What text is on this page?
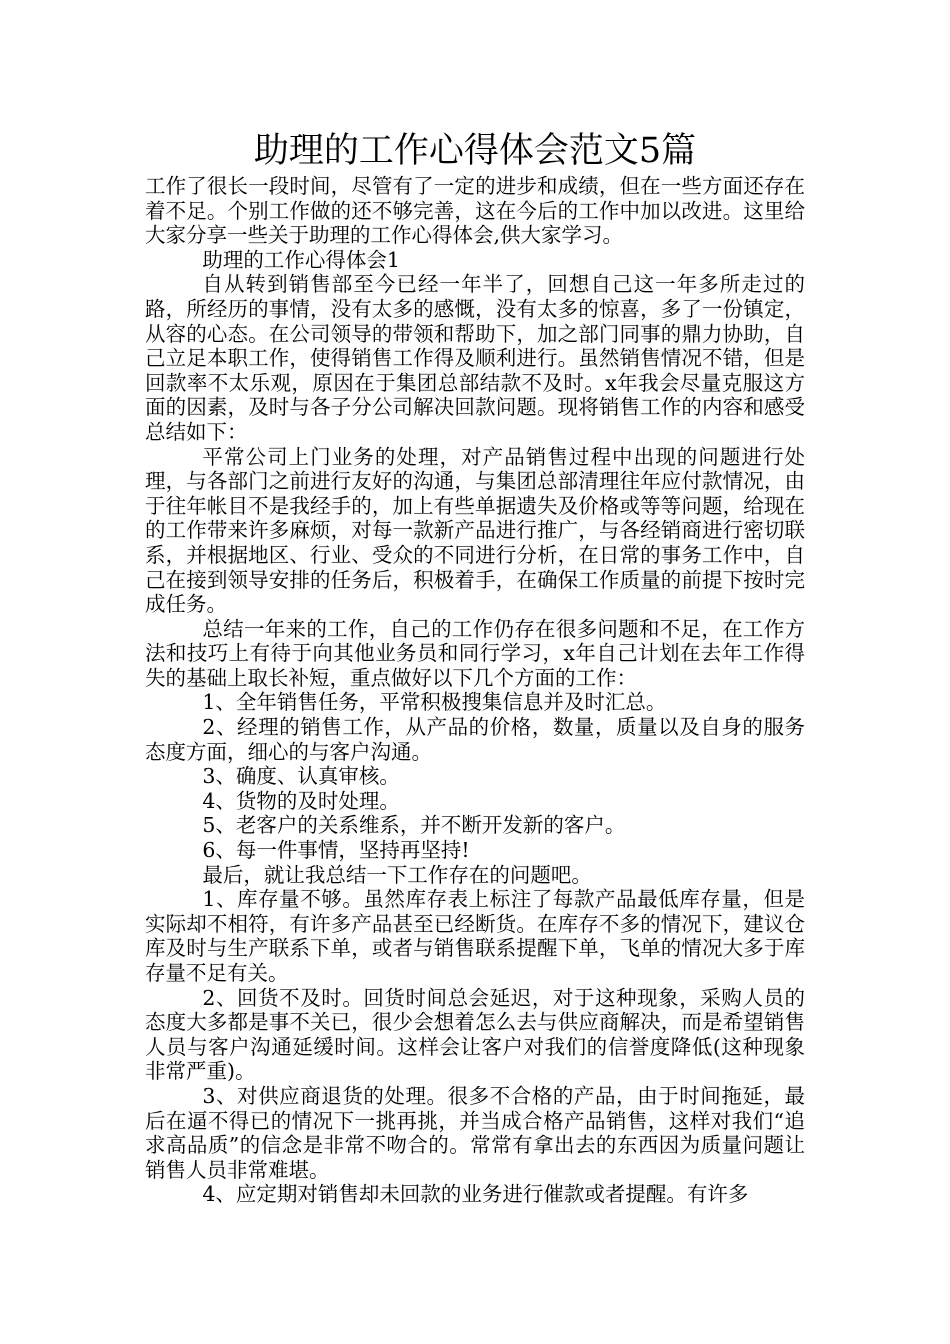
助理的工作心得体会范文5篇

工作了很长一段时间，尽管有了一定的进步和成绩，但在一些方面还存在着不足。个别工作做的还不够完善，这在今后的工作中加以改进。这里给大家分享一些关于助理的工作心得体会,供大家学习。

助理的工作心得体会1

自从转到销售部至今已经一年半了，回想自己这一年多所走过的路，所经历的事情，没有太多的感慨，没有太多的惊喜，多了一份镇定，从容的心态。在公司领导的带领和帮助下，加之部门同事的鼎力协助，自己立足本职工作，使得销售工作得及顺利进行。虽然销售情况不错，但是回款率不太乐观，原因在于集团总部结款不及时。x年我会尽量克服这方面的因素，及时与各子分公司解决回款问题。现将销售工作的内容和感受总结如下：

平常公司上门业务的处理，对产品销售过程中出现的问题进行处理，与各部门之前进行友好的沟通，与集团总部清理往年应付款情况，由于往年帐目不是我经手的，加上有些单据遗失及价格或等等问题，给现在的工作带来许多麻烦，对每一款新产品进行推广，与各经销商进行密切联系，并根据地区、行业、受众的不同进行分析，在日常的事务工作中，自己在接到领导安排的任务后，积极着手，在确保工作质量的前提下按时完成任务。

总结一年来的工作，自己的工作仍存在很多问题和不足，在工作方法和技巧上有待于向其他业务员和同行学习，x年自己计划在去年工作得失的基础上取长补短，重点做好以下几个方面的工作：

1、全年销售任务，平常积极搜集信息并及时汇总。

2、经理的销售工作，从产品的价格，数量，质量以及自身的服务态度方面，细心的与客户沟通。

3、确度、认真审核。

4、货物的及时处理。

5、老客户的关系维系，并不断开发新的客户。

6、每一件事情，坚持再坚持!

最后，就让我总结一下工作存在的问题吧。

1、库存量不够。虽然库存表上标注了每款产品最低库存量，但是实际却不相符，有许多产品甚至已经断货。在库存不多的情况下，建议仓库及时与生产联系下单，或者与销售联系提醒下单，飞单的情况大多于库存量不足有关。

2、回货不及时。回货时间总会延迟，对于这种现象，采购人员的态度大多都是事不关已，很少会想着怎么去与供应商解决，而是希望销售人员与客户沟通延缓时间。这样会让客户对我们的信誉度降低(这种现象非常严重)。

3、对供应商退货的处理。很多不合格的产品，由于时间拖延，最后在逼不得已的情况下一挑再挑，并当成合格产品销售，这样对我们“追求高品质”的信念是非常不吻合的。常常有拿出去的东西因为质量问题让销售人员非常难堪。

4、应定期对销售却未回款的业务进行催款或者提醒。有许多
